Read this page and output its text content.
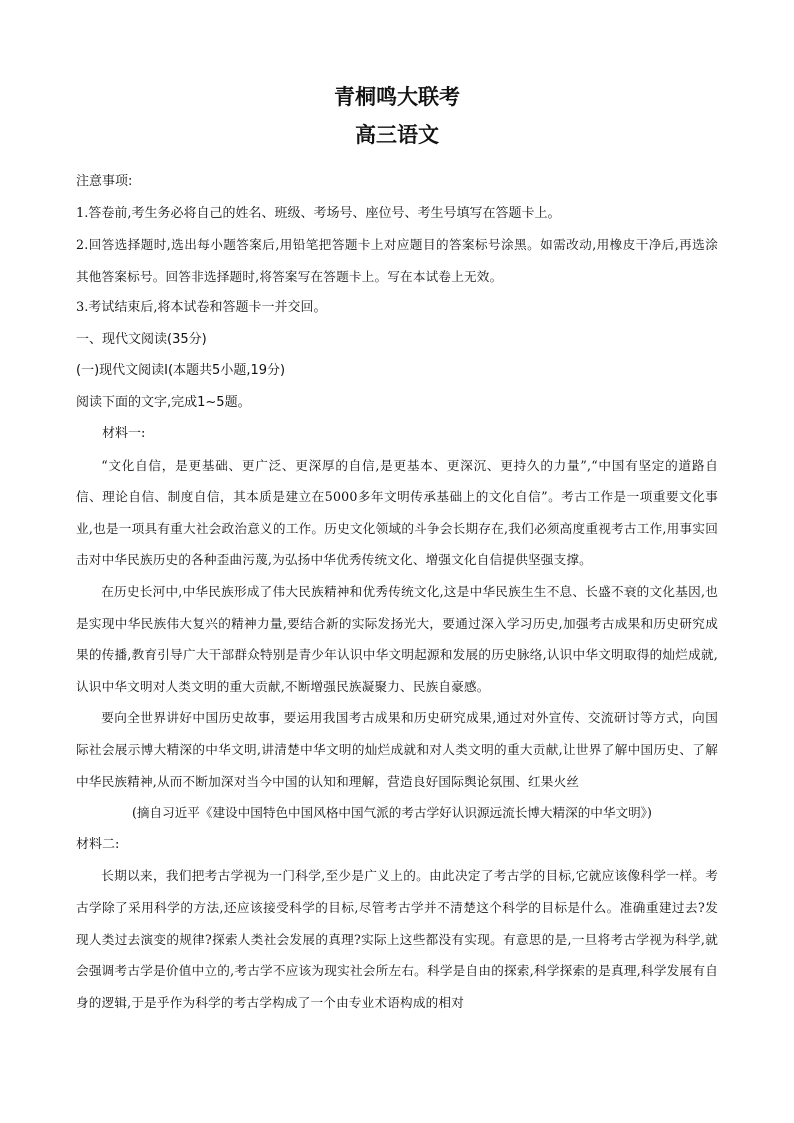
青桐鸣大联考
高三语文
注意事项:
1.答卷前,考生务必将自己的姓名、班级、考场号、座位号、考生号填写在答题卡上。
2.回答选择题时,选出每小题答案后,用铅笔把答题卡上对应题目的答案标号涂黑。如需改动,用橡皮干净后,再选涂其他答案标号。回答非选择题时,将答案写在答题卡上。写在本试卷上无效。
3.考试结束后,将本试卷和答题卡一并交回。
一、现代文阅读(35分)
(一)现代文阅读I(本题共5小题,19分)
阅读下面的文字,完成1~5题。
材料一:
“文化自信，是更基础、更广泛、更深厚的自信,是更基本、更深沉、更持久的力量”,“中国有坚定的道路自信、理论自信、制度自信，其本质是建立在5000多年文明传承基础上的文化自信”。考古工作是一项重要文化事业,也是一项具有重大社会政治意义的工作。历史文化领域的斗争会长期存在,我们必须高度重视考古工作,用事实回击对中华民族历史的各种歪曲污蔑,为弘扬中华优秀传统文化、增强文化自信提供坚强支撑。
在历史长河中,中华民族形成了伟大民族精神和优秀传统文化,这是中华民族生生不息、长盛不衰的文化基因,也是实现中华民族伟大复兴的精神力量,要结合新的实际发扬光大，要通过深入学习历史,加强考古成果和历史研究成果的传播,教育引导广大干部群众特别是青少年认识中华文明起源和发展的历史脉络,认识中华文明取得的灿烂成就,认识中华文明对人类文明的重大贡献,不断增强民族凝聚力、民族自豪感。
要向全世界讲好中国历史故事，要运用我国考古成果和历史研究成果,通过对外宣传、交流研讨等方式，向国际社会展示博大精深的中华文明,讲清楚中华文明的灿烂成就和对人类文明的重大贡献,让世界了解中国历史、了解中华民族精神,从而不断加深对当今中国的认知和理解，营造良好国际舆论氛围、红果火丝
(摘自习近平《建设中国特色中国风格中国气派的考古学好认识源远流长博大精深的中华文明》)
材料二:
长期以来，我们把考古学视为一门科学,至少是广义上的。由此决定了考古学的目标,它就应该像科学一样。考古学除了采用科学的方法,还应该接受科学的目标,尽管考古学并不清楚这个科学的目标是什么。准确重建过去?发现人类过去演变的规律?探索人类社会发展的真理?实际上这些都没有实现。有意思的是,一旦将考古学视为科学,就会强调考古学是价值中立的,考古学不应该为现实社会所左右。科学是自由的探索,科学探索的是真理,科学发展有自身的逻辑,于是乎作为科学的考古学构成了一个由专业术语构成的相对
